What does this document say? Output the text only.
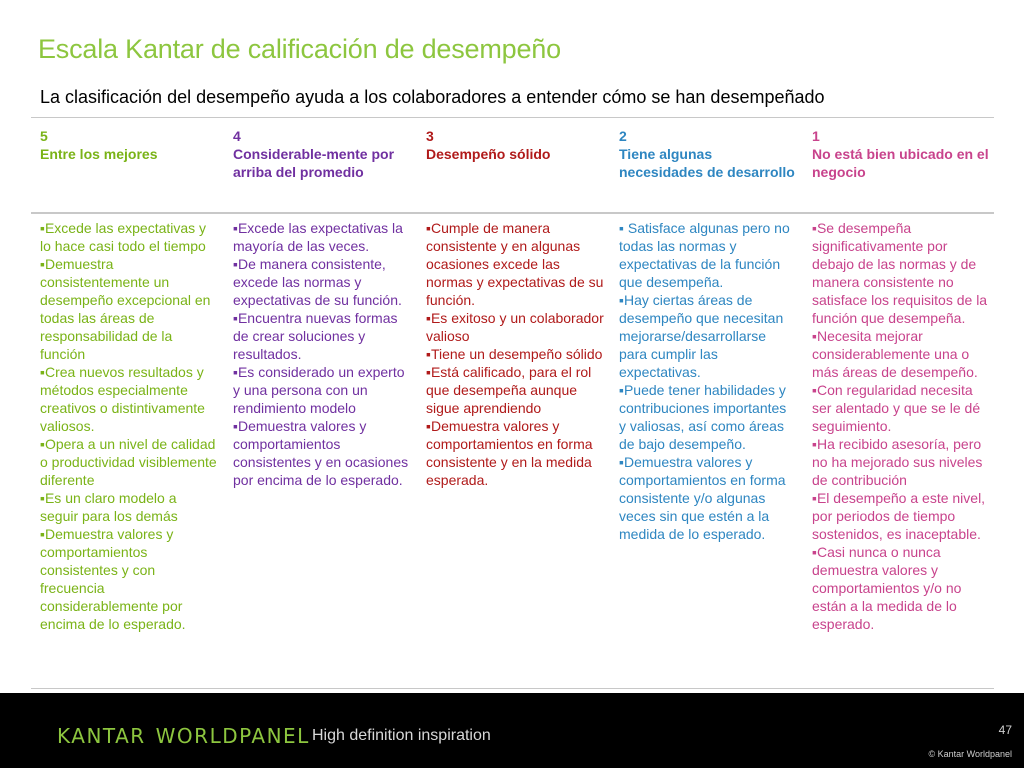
Escala Kantar de calificación de desempeño
La clasificación del desempeño ayuda a los colaboradores a entender cómo se han desempeñado
5
Entre los mejores
▪ Excede las expectativas y lo hace casi todo el tiempo
▪ Demuestra consistentemente un desempeño excepcional en todas las áreas de responsabilidad de la función
▪ Crea nuevos resultados y métodos especialmente creativos o distintivamente valiosos.
▪ Opera a un nivel de calidad o productividad visiblemente diferente
▪ Es un claro modelo a seguir para los demás
▪ Demuestra valores y comportamientos consistentes y con frecuencia considerablemente por encima de lo esperado.
4
Considerable-mente por arriba del promedio
▪ Excede las expectativas la mayoría de las veces.
▪ De manera consistente, excede las normas y expectativas de su función.
▪ Encuentra nuevas formas de crear soluciones y resultados.
▪ Es considerado un experto y una persona con un rendimiento modelo
▪ Demuestra valores y comportamientos consistentes y en ocasiones por encima de lo esperado.
3
Desempeño sólido
▪ Cumple de manera consistente y en algunas ocasiones excede las normas y expectativas de su función.
▪ Es exitoso y un colaborador valioso
▪ Tiene un desempeño sólido
▪ Está calificado, para el rol que desempeña aunque sigue aprendiendo
▪ Demuestra valores y comportamientos en forma consistente y en la medida esperada.
2
Tiene algunas necesidades de desarrollo
▪ Satisface algunas pero no todas las normas y expectativas de la función que desempeña.
▪ Hay ciertas áreas de desempeño que necesitan mejorarse/desarrollarse para cumplir las expectativas.
▪ Puede tener habilidades y contribuciones importantes y valiosas, así como áreas de bajo desempeño.
▪ Demuestra valores y comportamientos en forma consistente y/o algunas veces sin que estén a la medida de lo esperado.
1
No está bien ubicado en el negocio
▪ Se desempeña significativamente por debajo de las normas y de manera consistente no satisface los requisitos de la función que desempeña.
▪ Necesita mejorar considerablemente una o más áreas de desempeño.
▪ Con regularidad necesita ser alentado y que se le dé seguimiento.
▪ Ha recibido asesoría, pero no ha mejorado sus niveles de contribución
▪ El desempeño a este nivel, por periodos de tiempo sostenidos, es inaceptable.
▪ Casi nunca o nunca demuestra valores y comportamientos y/o no están a la medida de lo esperado.
KANTAR WORLDPANEL High definition inspiration	47
© Kantar Worldpanel
